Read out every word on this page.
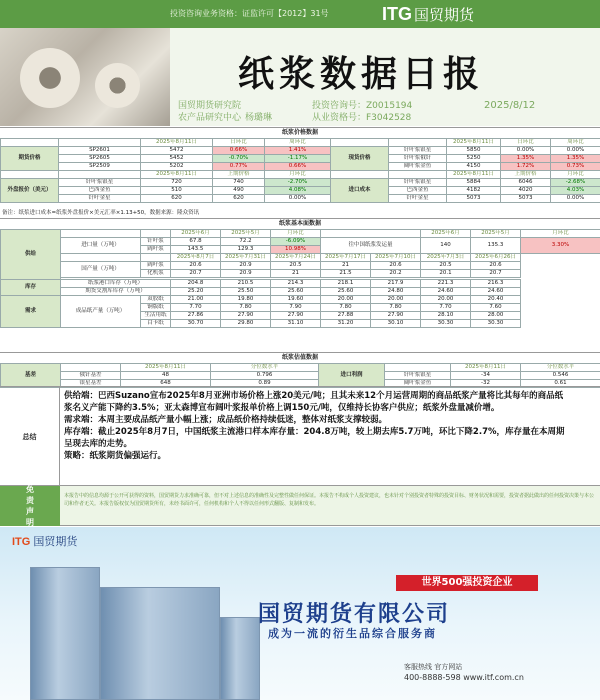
投资咨询业务资格：证监许可【2012】31号	ITG 国贸期货
纸浆数据日报
国贸期货研究院
农产品研究中心 杨璐琳
投资咨询号：Z0015194
从业资格号：F3042528
2025/8/12
纸浆价格数据
		2025年8月11日	日环比	周环比
期货价格	SP2601	5472	0.66%	1.41%
	SP2605	5452	-0.70%	-1.17%
	SP2509	5202	0.77%	0.66%
		2025年8月11日	上期价格	月环比
外盘报价（美元）	针叶浆银星	720	740	-2.70%
	巴西金鱼	510	490	4.08%
	针叶金星	620	620	0.00%
		2025年8月11日	日环比	周环比
现货价格	针叶浆银星	5850	0.00%	0.00%
	针叶浆俄针	5250	1.35%	1.35%
	阔叶浆金鱼	4150	1.72%	0.73%
		2025年8月11日	上期价格	月环比
进口成本	针叶浆银星	5884	6046	-2.68%
	巴西金鱼	4182	4020	4.03%
	针叶金星	5073	5073	0.00%
备注：纸浆进口成本=纸浆外盘报价×美元汇率×1.13+50，数据来源：隆众资讯
纸浆基本面数据
供给			2025年6月	2025年5月	月环比			2025年6月	2025年5月	月环比
	进口量（万吨）	针叶浆	67.8	72.2	-6.09%	往中国纸浆发运量		140	135.3	3.30%
		阔叶浆	143.5	129.3	10.98%					
			2025年8月7日	2025年7月31日	2025年7月24日	2025年7月17日	2025年7月10日	2025年7月3日	2025年6月26日	
	国产量（万吨）	阔叶浆	20.6	20.9	20.5	21	20.6	20.5	20.6	
		化机浆	20.7	20.9	21	21.5	20.2	20.1	20.7	

库存	纸浆港口库存（万吨）		204.8	210.5	214.3	218.1	217.9	221.3	216.3	
	期货交割库库存（万吨）		25.20	25.50	25.60	25.60	24.80	24.60	24.60	
需求	成品纸产量（万吨）	双胶纸	21.00	19.80	19.60	20.00	20.00	20.00	20.40	
		铜版纸	7.70	7.80	7.90	7.80	7.80	7.70	7.60	
		生活用纸	27.86	27.90	27.90	27.88	27.90	28.10	28.00	
		白卡纸	30.70	29.80	31.10	31.20	30.10	30.30	30.30	
纸浆估值数据
基差		2025年8月11日	分位数水平	进口利润		2025年8月11日	分位数水平
	俄针基差	48	0.796		针叶浆银星	-34	0.546
	银星基差	648	0.89		阔叶浆金鱼	-32	0.61
总结
供给端：巴西Suzano宣布2025年8月亚洲市场价格上涨20美元/吨；且其未来12个月运营周期的商品纸浆产量将比其每年的商品纸
浆名义产能下降约3.5%；亚太森博宣布阔叶浆报单价格上调150元/吨，仅维持长协客户供应；纸浆外盘量减价增。
需求端：本周主要成品纸产量小幅上涨；成品纸价格持续低迷，整体对纸浆支撑较弱。
库存端：截止2025年8月7日，中国纸浆主流港口样本库存量：204.8万吨，较上期去库5.7万吨，环比下降2.7%，库存量在本周期
呈现去库的走势。
策略：纸浆期货偏强运行。
免
责
声
明
本报告中的信息均源于公开可获得的资料，国贸期货力求准确可靠，但不对上述信息的准确性及完整性做任何保证。本报告不构成个人投资建议，也未针对个别投资者特殊的投资目标、财务状况和需要，投资者据此做出的任何投资决策与本公司和作者无关。本报告版权仅为国贸期货所有，未经书面许可，任何机构和个人不得以任何形式翻版、复制和发布。
ITG 国贸期货
世界500强投资企业
国贸期货有限公司
成为一流的衍生品综合服务商
客服热线 官方网站
400-8888-598 www.itf.com.cn
